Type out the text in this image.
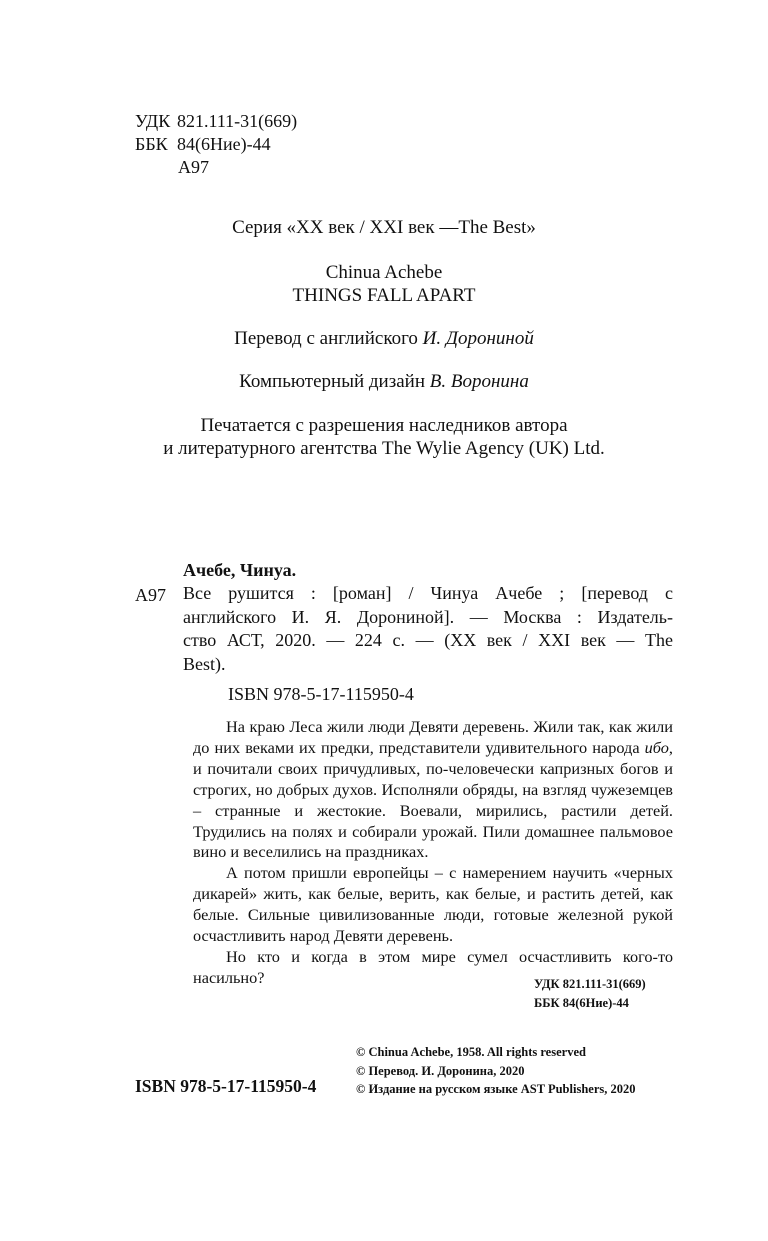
УДК 821.111-31(669)
ББК 84(6Ние)-44
А97
Серия «XX век / XXI век —The Best»
Chinua Achebe
THINGS FALL APART
Перевод с английского И. Дорониной
Компьютерный дизайн В. Воронина
Печатается с разрешения наследников автора
и литературного агентства The Wylie Agency (UK) Ltd.
Ачебе, Чинуа.
А97 Все рушится : [роман] / Чинуа Ачебе ; [перевод с
английского И. Я. Дорониной]. — Москва : Издатель-
ство АСТ, 2020. — 224 с. — (XX век / XXI век — The
Best).
ISBN 978-5-17-115950-4

На краю Леса жили люди Девяти деревень. Жили так, как жили до них веками их предки, представители удивительного народа ибо, и почитали своих причудливых, по-человечески капризных богов и строгих, но добрых духов. Исполняли обряды, на взгляд чужеземцев – странные и жестокие. Воевали, мирились, растили детей. Трудились на полях и собирали урожай. Пили домашнее пальмовое вино и веселились на праздниках.

А потом пришли европейцы – с намерением научить «черных дикарей» жить, как белые, верить, как белые, и растить детей, как белые. Сильные цивилизованные люди, готовые железной рукой осчастливить народ Девяти деревень.

Но кто и когда в этом мире сумел осчастливить кого-то насильно?	УДК 821.111-31(669)
ББК 84(6Ние)-44
ISBN 978-5-17-115950-4
© Chinua Achebe, 1958. All rights reserved
© Перевод. И. Доронина, 2020
© Издание на русском языке AST Publishers, 2020
